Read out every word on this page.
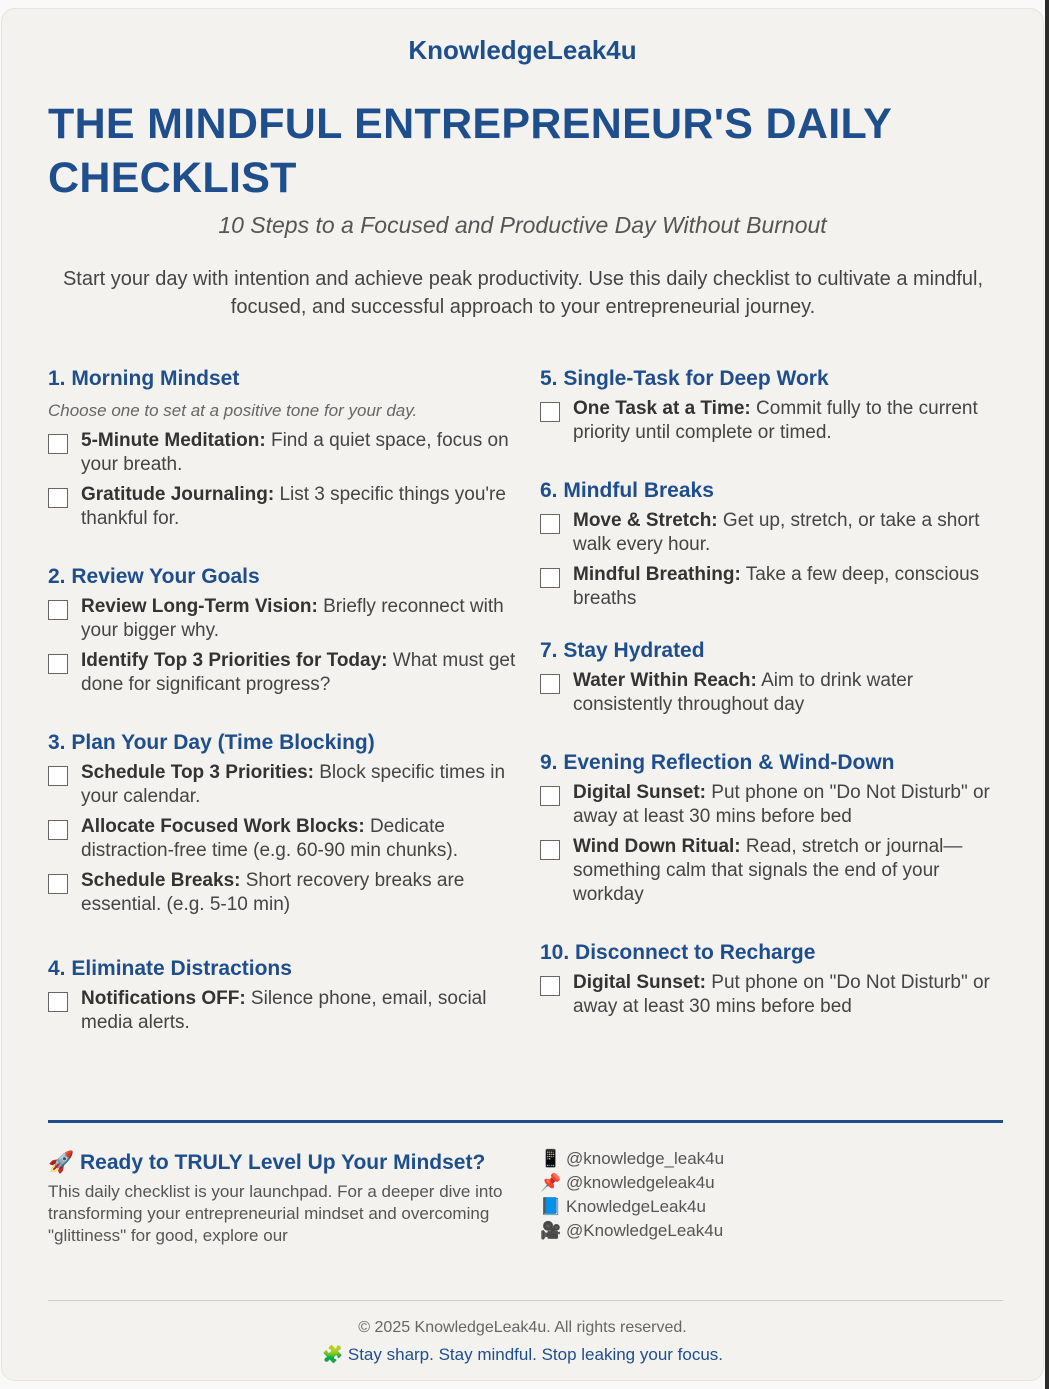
KnowledgeLeak4u
THE MINDFUL ENTREPRENEUR'S DAILY CHECKLIST
10 Steps to a Focused and Productive Day Without Burnout

Start your day with intention and achieve peak productivity. Use this daily checklist to cultivate a mindful, focused, and successful approach to your entrepreneurial journey.

1. Morning Mindset
Choose one to set at a positive tone for your day.
5-Minute Meditation: Find a quiet space, focus on your breath.
Gratitude Journaling: List 3 specific things you're thankful for.
2. Review Your Goals
Review Long-Term Vision: Briefly reconnect with your bigger why.
Identify Top 3 Priorities for Today: What must get done for significant progress?
3. Plan Your Day (Time Blocking)
Schedule Top 3 Priorities: Block specific times in your calendar.
Allocate Focused Work Blocks: Dedicate distraction-free time (e.g. 60-90 min chunks).
Schedule Breaks: Short recovery breaks are essential. (e.g. 5-10 min)
4. Eliminate Distractions
Notifications OFF: Silence phone, email, social media alerts.
5. Single-Task for Deep Work
One Task at a Time: Commit fully to the current priority until complete or timed.
6. Mindful Breaks
Move & Stretch: Get up, stretch, or take a short walk every hour.
Mindful Breathing: Take a few deep, conscious breaths
7. Stay Hydrated
Water Within Reach: Aim to drink water consistently throughout day
9. Evening Reflection & Wind-Down
Digital Sunset: Put phone on "Do Not Disturb" or away at least 30 mins before bed
Wind Down Ritual: Read, stretch or journal—something calm that signals the end of your workday
10. Disconnect to Recharge
Digital Sunset: Put phone on "Do Not Disturb" or away at least 30 mins before bed
🚀 Ready to TRULY Level Up Your Mindset?

This daily checklist is your launchpad. For a deeper dive into transforming your entrepreneurial mindset and overcoming "glittiness" for good, explore our

📱 @knowledge_leak4u
📌 @knowledgeleak4u
📘 KnowledgeLeak4u
🎥 @KnowledgeLeak4u
© 2025 KnowledgeLeak4u. All rights reserved.
🧩 Stay sharp. Stay mindful. Stop leaking your focus.
